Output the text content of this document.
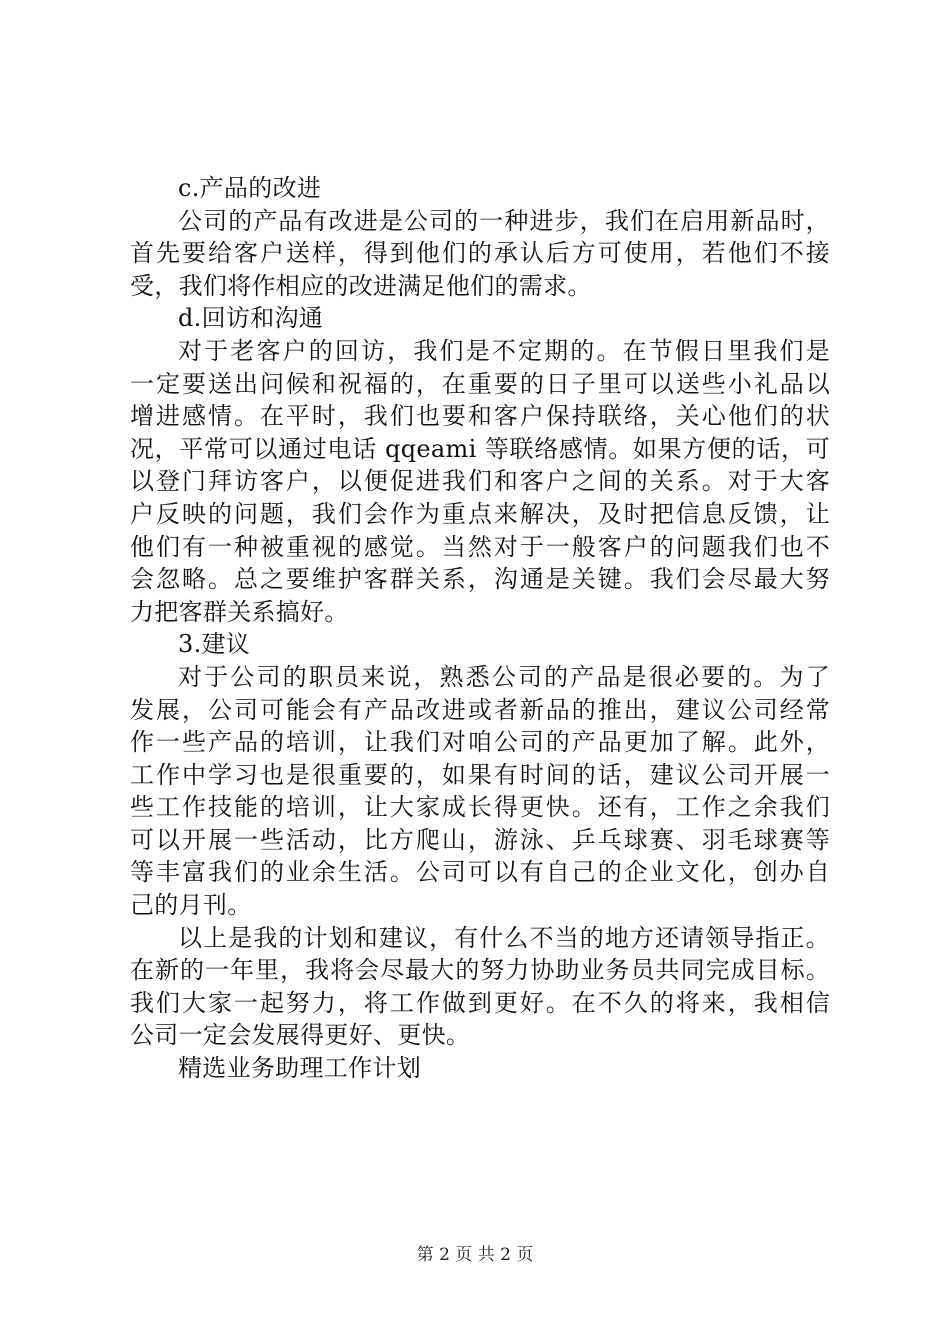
c.产品的改进
公司的产品有改进是公司的一种进步，我们在启用新品时，
首先要给客户送样，得到他们的承认后方可使用，若他们不接
受，我们将作相应的改进满足他们的需求。
d.回访和沟通
对于老客户的回访，我们是不定期的。在节假日里我们是
一定要送出问候和祝福的，在重要的日子里可以送些小礼品以
增进感情。在平时，我们也要和客户保持联络，关心他们的状
况，平常可以通过电话 qqeami 等联络感情。如果方便的话，可
以登门拜访客户，以便促进我们和客户之间的关系。对于大客
户反映的问题，我们会作为重点来解决，及时把信息反馈，让
他们有一种被重视的感觉。当然对于一般客户的问题我们也不
会忽略。总之要维护客群关系，沟通是关键。我们会尽最大努
力把客群关系搞好。
3.建议
对于公司的职员来说，熟悉公司的产品是很必要的。为了
发展，公司可能会有产品改进或者新品的推出，建议公司经常
作一些产品的培训，让我们对咱公司的产品更加了解。此外，
工作中学习也是很重要的，如果有时间的话，建议公司开展一
些工作技能的培训，让大家成长得更快。还有，工作之余我们
可以开展一些活动，比方爬山，游泳、乒乓球赛、羽毛球赛等
等丰富我们的业余生活。公司可以有自己的企业文化，创办自
己的月刊。
以上是我的计划和建议，有什么不当的地方还请领导指正。
在新的一年里，我将会尽最大的努力协助业务员共同完成目标。
我们大家一起努力，将工作做到更好。在不久的将来，我相信
公司一定会发展得更好、更快。
精选业务助理工作计划
第 2 页 共 2 页
